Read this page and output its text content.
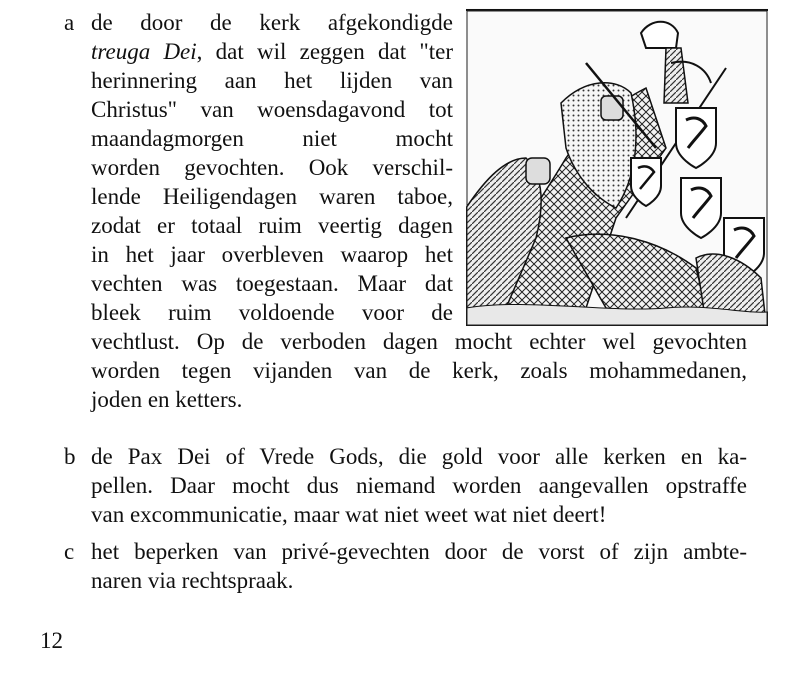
a de door de kerk afgekondigde
treuga Dei, dat wil zeggen dat "ter
herinnering aan het lijden van
Christus" van woensdagavond tot
maandagmorgen niet mocht
worden gevochten. Ook verschil-
lende Heiligendagen waren taboe,
zodat er totaal ruim veertig dagen
in het jaar overbleven waarop het
vechten was toegestaan. Maar dat
bleek ruim voldoende voor de
vechtlust. Op de verboden dagen mocht echter wel gevochten
worden tegen vijanden van de kerk, zoals mohammedanen,
joden en ketters.
b de Pax Dei of Vrede Gods, die gold voor alle kerken en ka-
pellen. Daar mocht dus niemand worden aangevallen opstraffe
van excommunicatie, maar wat niet weet wat niet deert!
c het beperken van privé-gevechten door de vorst of zijn ambte-
naren via rechtspraak.
12
